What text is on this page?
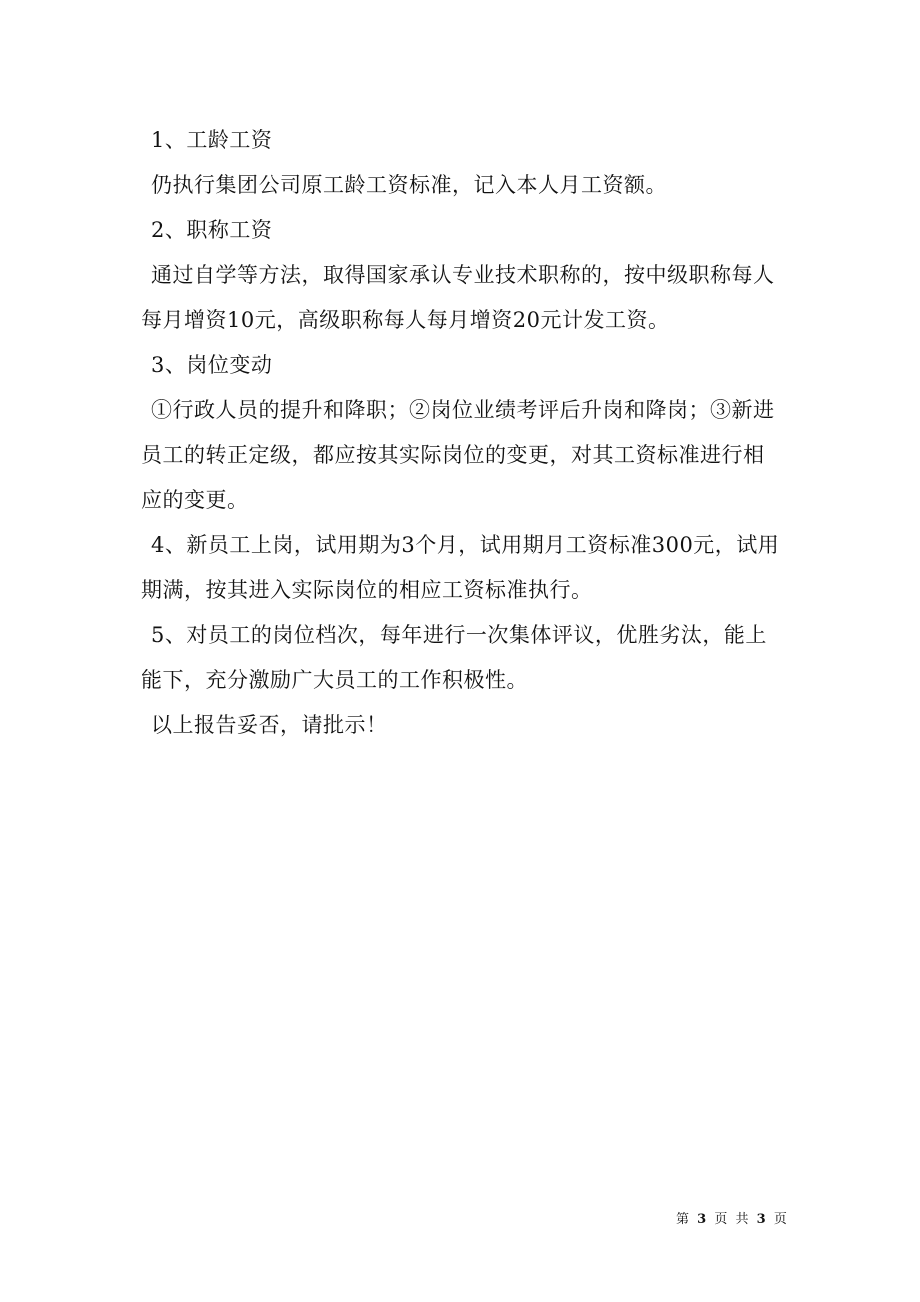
1、工龄工资

仍执行集团公司原工龄工资标准，记入本人月工资额。

2、职称工资

通过自学等方法，取得国家承认专业技术职称的，按中级职称每人每月增资10元，高级职称每人每月增资20元计发工资。

3、岗位变动

①行政人员的提升和降职；②岗位业绩考评后升岗和降岗；③新进员工的转正定级，都应按其实际岗位的变更，对其工资标准进行相应的变更。

4、新员工上岗，试用期为3个月，试用期月工资标准300元，试用期满，按其进入实际岗位的相应工资标准执行。

5、对员工的岗位档次，每年进行一次集体评议，优胜劣汰，能上能下，充分激励广大员工的工作积极性。

以上报告妥否，请批示！

第 3 页 共 3 页
